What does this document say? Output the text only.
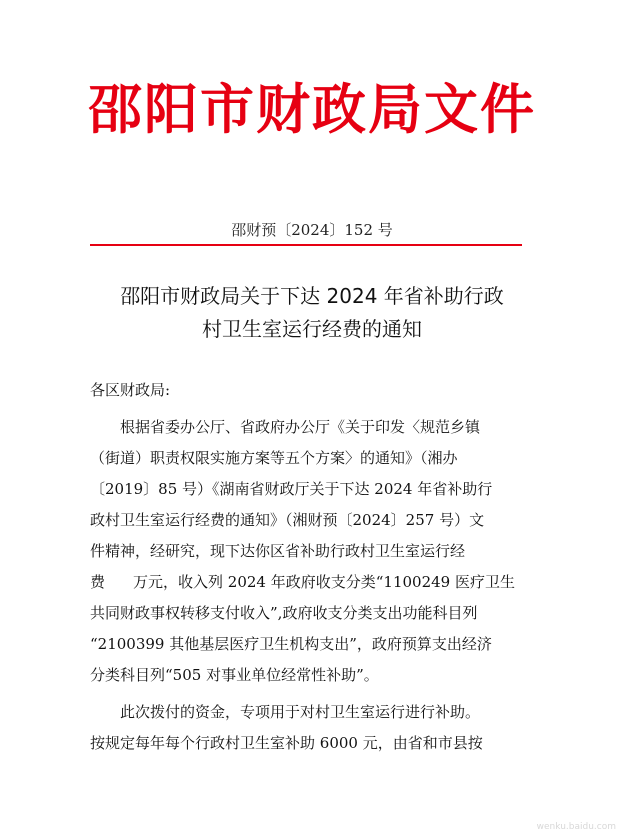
邵阳市财政局文件
邵财预〔2024〕152 号
邵阳市财政局关于下达 2024 年省补助行政
村卫生室运行经费的通知
各区财政局:

根据省委办公厅、省政府办公厅《关于印发〈规范乡镇
（街道）职责权限实施方案等五个方案〉的通知》（湘办
〔2019〕85 号）《湖南省财政厅关于下达 2024 年省补助行
政村卫生室运行经费的通知》（湘财预〔2024〕257 号）文
件精神，经研究，现下达你区省补助行政村卫生室运行经
费 万元，收入列 2024 年政府收支分类“1100249 医疗卫生
共同财政事权转移支付收入”,政府收支分类支出功能科目列
“2100399 其他基层医疗卫生机构支出”，政府预算支出经济
分类科目列“505 对事业单位经常性补助”。

此次拨付的资金，专项用于对村卫生室运行进行补助。
按规定每年每个行政村卫生室补助 6000 元，由省和市县按

wenku.baidu.com
